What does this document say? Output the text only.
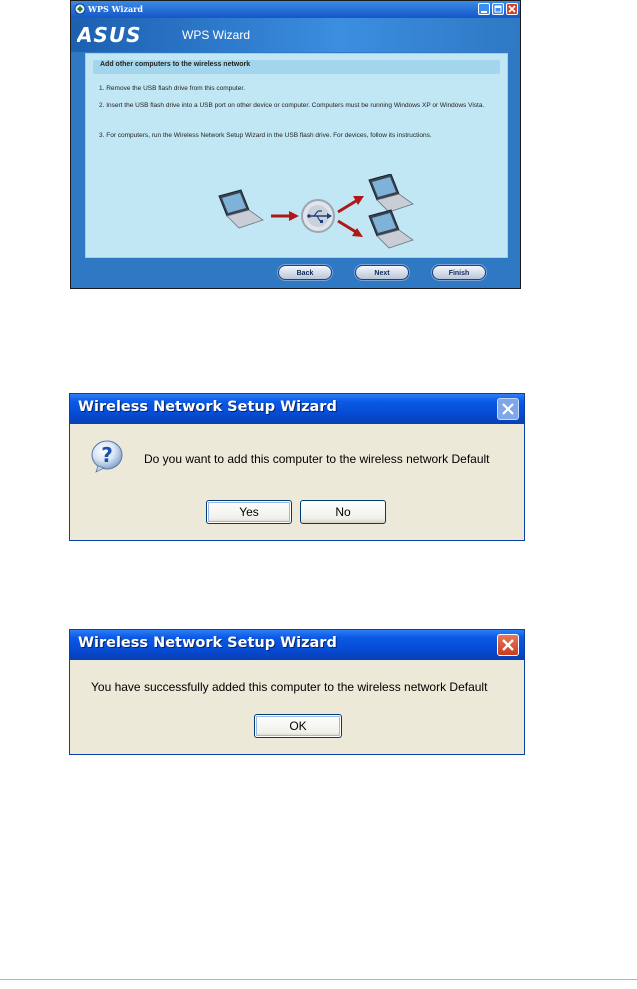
WPS Wizard
ASUS	WPS Wizard
Add other computers to the wireless network
1. Remove the USB flash drive from this computer.
2. Insert the USB flash drive into a USB port on other device or computer. Computers must be running Windows XP or Windows Vista.
3. For computers, run the Wireless Network Setup Wizard in the USB flash drive. For devices, follow its instructions.
Back	Next	Finish
Wireless Network Setup Wizard
?	Do you want to add this computer to the wireless network Default
Yes	No
Wireless Network Setup Wizard
You have successfully added this computer to the wireless network Default
OK
